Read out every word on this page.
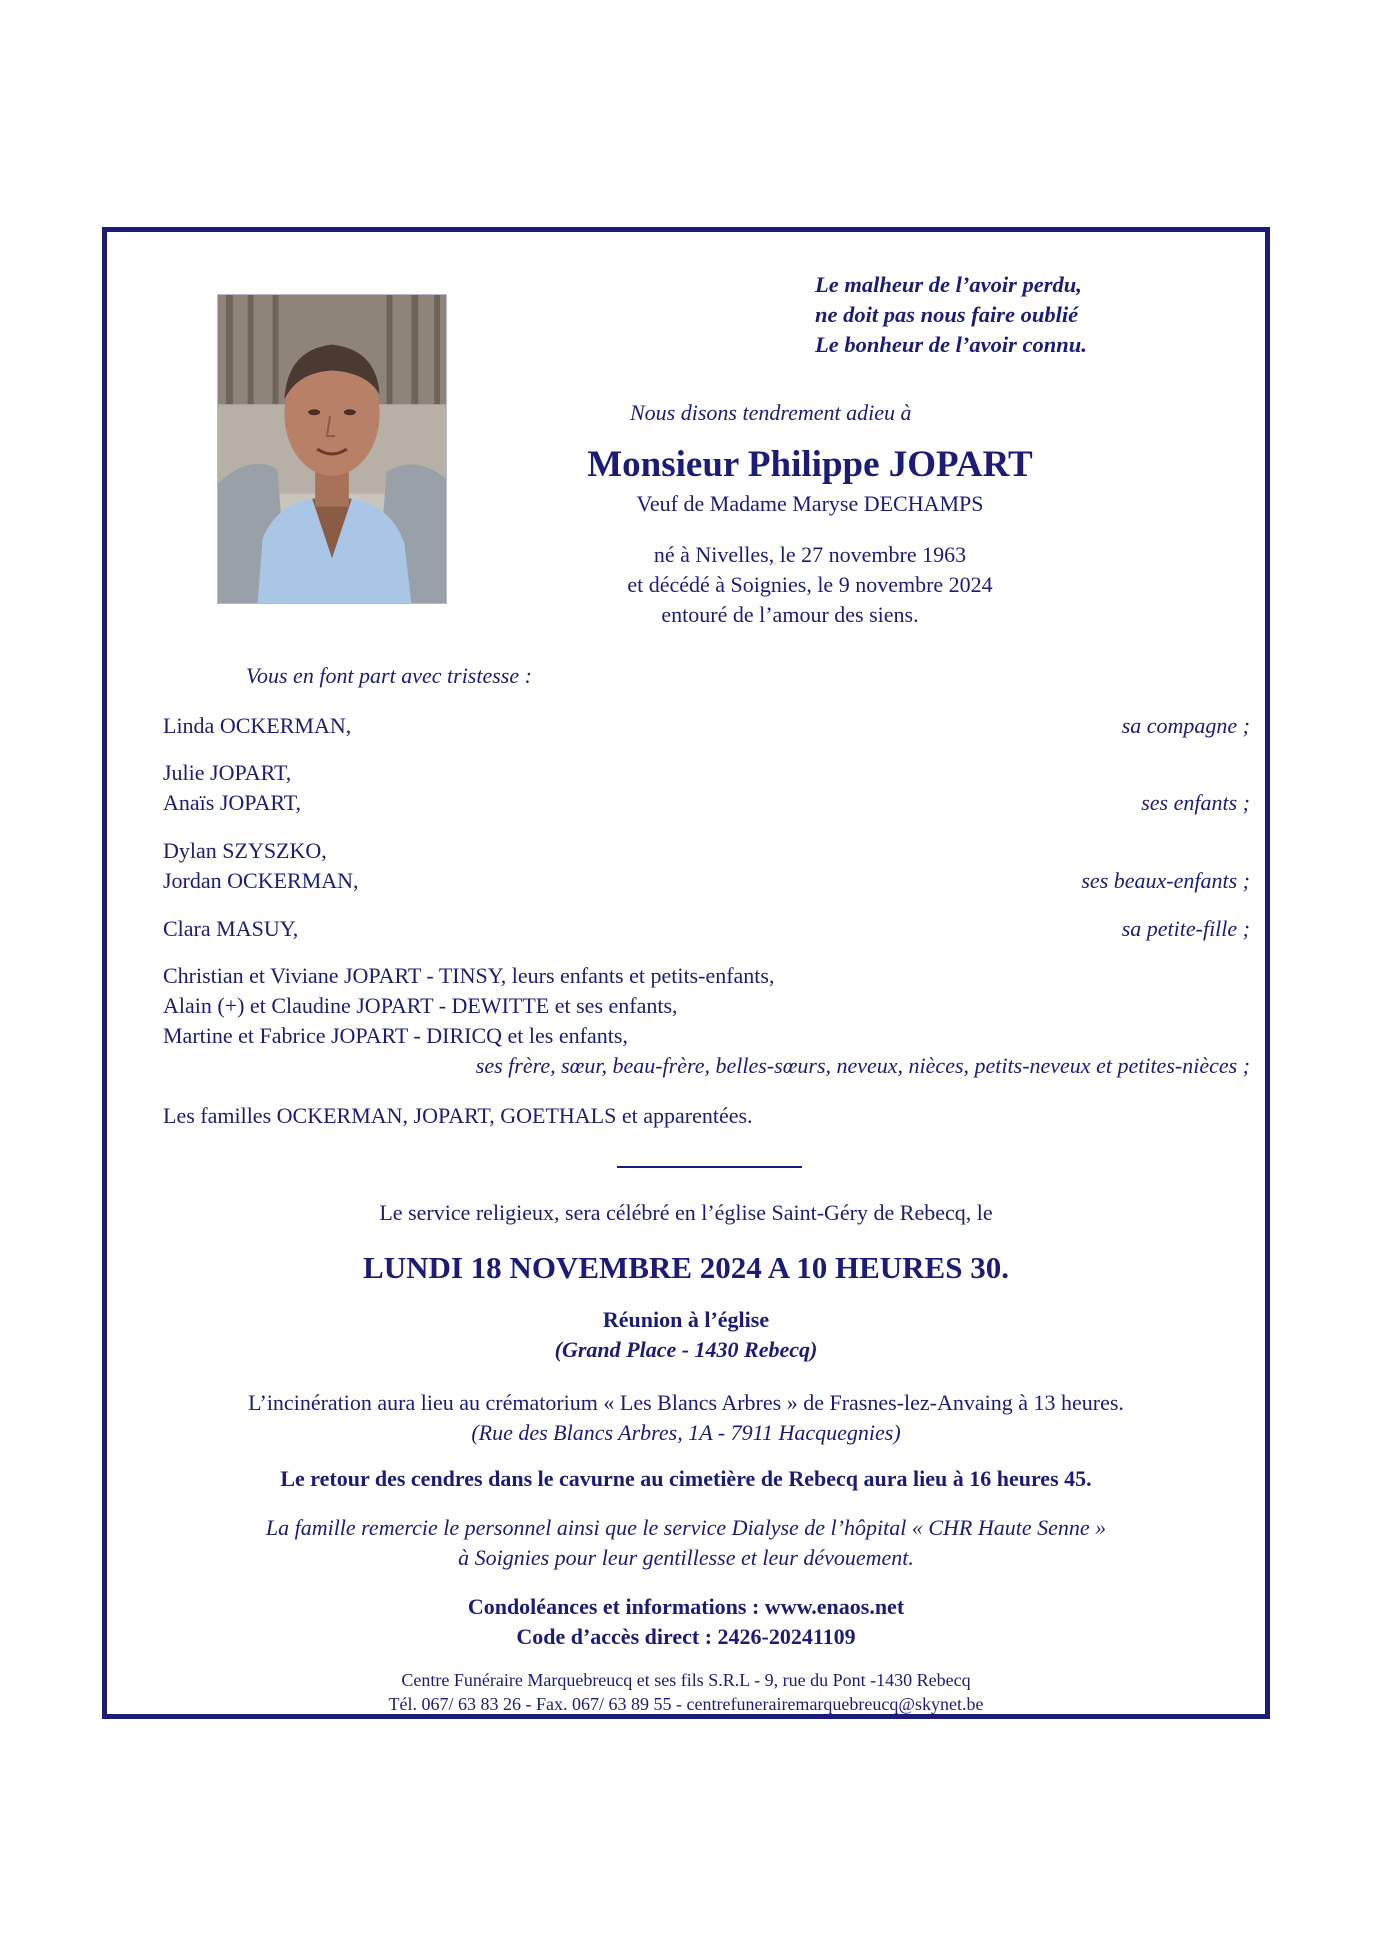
Le malheur de l’avoir perdu,
ne doit pas nous faire oublié
Le bonheur de l’avoir connu.
Nous disons tendrement adieu à
Monsieur Philippe JOPART
Veuf de Madame Maryse DECHAMPS
né à Nivelles, le 27 novembre 1963
et décédé à Soignies, le 9 novembre 2024
entouré de l’amour des siens.
Vous en font part avec tristesse :
Linda OCKERMAN,	sa compagne ;
Julie JOPART,
Anaïs JOPART,	ses enfants ;
Dylan SZYSZKO,
Jordan OCKERMAN,	ses beaux-enfants ;
Clara MASUY,	sa petite-fille ;
Christian et Viviane JOPART - TINSY, leurs enfants et petits-enfants,
Alain (+) et Claudine JOPART - DEWITTE et ses enfants,
Martine et Fabrice JOPART - DIRICQ et les enfants,
ses frère, sœur, beau-frère, belles-sœurs, neveux, nièces, petits-neveux et petites-nièces ;
Les familles OCKERMAN, JOPART, GOETHALS et apparentées.
Le service religieux, sera célébré en l’église Saint-Géry de Rebecq, le
LUNDI 18 NOVEMBRE 2024 A 10 HEURES 30.
Réunion à l’église
(Grand Place - 1430 Rebecq)
L’incinération aura lieu au crématorium « Les Blancs Arbres » de Frasnes-lez-Anvaing à 13 heures.
(Rue des Blancs Arbres, 1A - 7911 Hacquegnies)
Le retour des cendres dans le cavurne au cimetière de Rebecq aura lieu à 16 heures 45.
La famille remercie le personnel ainsi que le service Dialyse de l’hôpital « CHR Haute Senne »
à Soignies pour leur gentillesse et leur dévouement.
Condoléances et informations : www.enaos.net
Code d’accès direct : 2426-20241109
Centre Funéraire Marquebreucq et ses fils S.R.L - 9, rue du Pont -1430 Rebecq
Tél. 067/ 63 83 26 - Fax. 067/ 63 89 55 - centrefunerairemarquebreucq@skynet.be
